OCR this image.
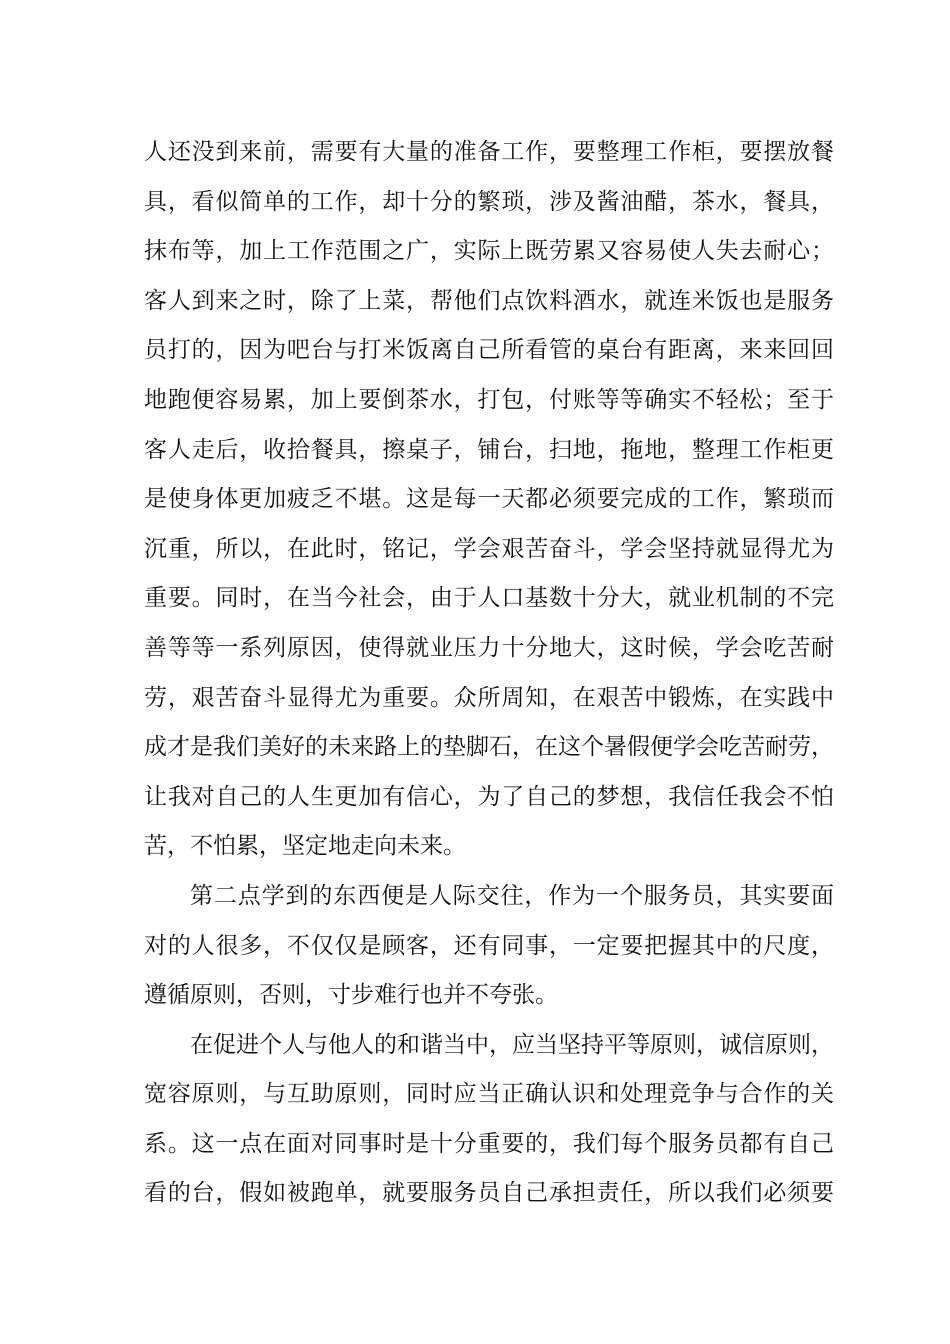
人还没到来前，需要有大量的准备工作，要整理工作柜，要摆放餐
具，看似简单的工作，却十分的繁琐，涉及酱油醋，茶水，餐具，
抹布等，加上工作范围之广，实际上既劳累又容易使人失去耐心；
客人到来之时，除了上菜，帮他们点饮料酒水，就连米饭也是服务
员打的，因为吧台与打米饭离自己所看管的桌台有距离，来来回回
地跑便容易累，加上要倒茶水，打包，付账等等确实不轻松；至于
客人走后，收拾餐具，擦桌子，铺台，扫地，拖地，整理工作柜更
是使身体更加疲乏不堪。这是每一天都必须要完成的工作，繁琐而
沉重，所以，在此时，铭记，学会艰苦奋斗，学会坚持就显得尤为
重要。同时，在当今社会，由于人口基数十分大，就业机制的不完
善等等一系列原因，使得就业压力十分地大，这时候，学会吃苦耐
劳，艰苦奋斗显得尤为重要。众所周知，在艰苦中锻炼，在实践中
成才是我们美好的未来路上的垫脚石，在这个暑假便学会吃苦耐劳，
让我对自己的人生更加有信心，为了自己的梦想，我信任我会不怕
苦，不怕累，坚定地走向未来。

第二点学到的东西便是人际交往，作为一个服务员，其实要面
对的人很多，不仅仅是顾客，还有同事，一定要把握其中的尺度，
遵循原则，否则，寸步难行也并不夸张。

在促进个人与他人的和谐当中，应当坚持平等原则，诚信原则，
宽容原则，与互助原则，同时应当正确认识和处理竞争与合作的关
系。这一点在面对同事时是十分重要的，我们每个服务员都有自己
看的台，假如被跑单，就要服务员自己承担责任，所以我们必须要
